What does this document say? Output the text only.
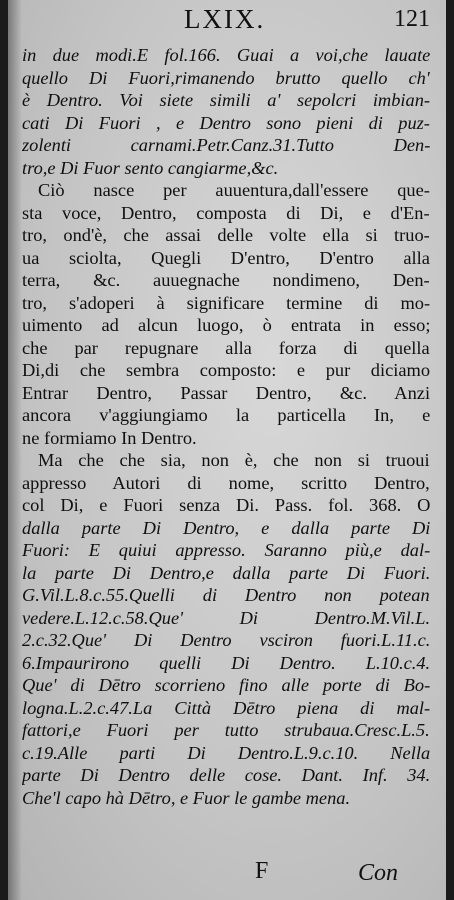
LXIX.	121
in due modi.E fol.166. Guai a voi,che lauate
quello Di Fuori,rimanendo brutto quello ch'
è Dentro. Voi siete simili a' sepolcri imbian-
cati Di Fuori , e Dentro sono pieni di puz-
zolenti carnami.Petr.Canz.31.Tutto Den-
tro,e Di Fuor sento cangiarme,&c.
Ciò nasce per auuentura,dall'essere que-
sta voce, Dentro, composta di Di, e d'En-
tro, ond'è, che assai delle volte ella si truo-
ua sciolta, Quegli D'entro, D'entro alla
terra, &c. auuegnache nondimeno, Den-
tro, s'adoperi à significare termine di mo-
uimento ad alcun luogo, ò entrata in esso;
che par repugnare alla forza di quella
Di,di che sembra composto: e pur diciamo
Entrar Dentro, Passar Dentro, &c. Anzi
ancora v'aggiungiamo la particella In, e
ne formiamo In Dentro.
Ma che che sia, non è, che non si truoui
appresso Autori di nome, scritto Dentro,
col Di, e Fuori senza Di. Pass. fol. 368. O
dalla parte Di Dentro, e dalla parte Di
Fuori: E quiui appresso. Saranno più,e dal-
la parte Di Dentro,e dalla parte Di Fuori.
G.Vil.L.8.c.55.Quelli di Dentro non potean
vedere.L.12.c.58.Que' Di Dentro.M.Vil.L.
2.c.32.Que' Di Dentro vsciron fuori.L.11.c.
6.Impaurirono quelli Di Dentro. L.10.c.4.
Que' di Dētro scorrieno fino alle porte di Bo-
logna.L.2.c.47.La Città Dētro piena di mal-
fattori,e Fuori per tutto strubaua.Cresc.L.5.
c.19.Alle parti Di Dentro.L.9.c.10. Nella
parte Di Dentro delle cose. Dant. Inf. 34.
Che'l capo hà Dētro, e Fuor le gambe mena.
F	Con
